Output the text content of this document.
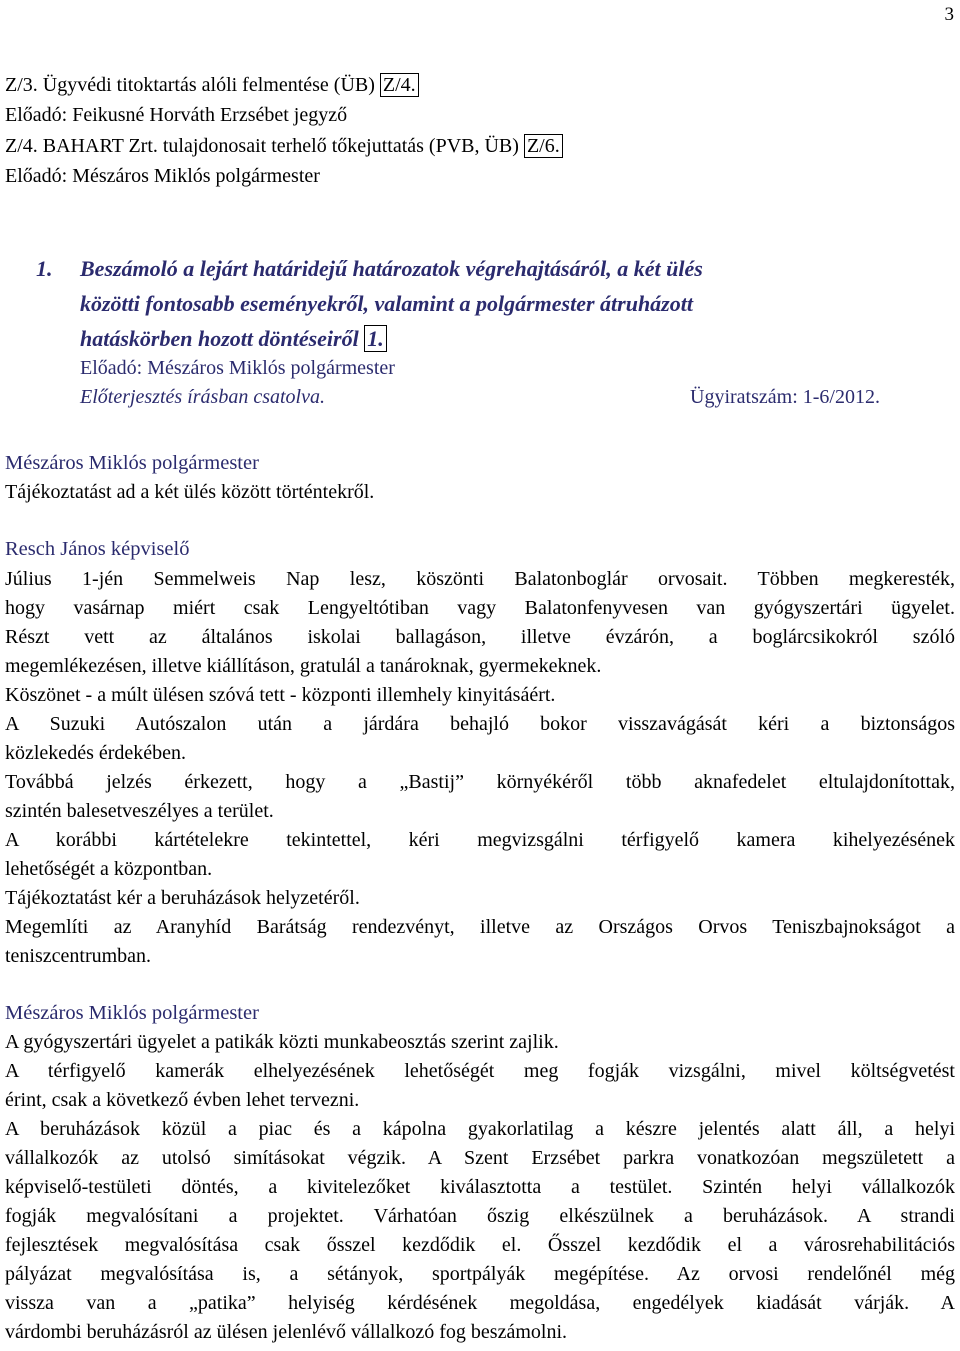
3
Z/3. Ügyvédi titoktartás alóli felmentése (ÜB) Z/4.
Előadó: Feikusné Horváth Erzsébet jegyző
Z/4. BAHART Zrt. tulajdonosait terhelő tőkejuttatás (PVB, ÜB) Z/6.
Előadó: Mészáros Miklós polgármester
1. Beszámoló a lejárt határidejű határozatok végrehajtásáról, a két ülés
közötti fontosabb eseményekről, valamint a polgármester átruházott
hatáskörben hozott döntéseiről 1.
Előadó: Mészáros Miklós polgármester
Előterjesztés írásban csatolva.	Ügyiratszám: 1-6/2012.
Mészáros Miklós polgármester
Tájékoztatást ad a két ülés között történtekről.
Resch János képviselő
Július 1-jén Semmelweis Nap lesz, köszönti Balatonboglár orvosait. Többen megkeresték,
hogy vasárnap miért csak Lengyeltótiban vagy Balatonfenyvesen van gyógyszertári ügyelet.
Részt vett az általános iskolai ballagáson, illetve évzárón, a boglárcsikokról szóló
megemlékezésen, illetve kiállításon, gratulál a tanároknak, gyermekeknek.
Köszönet - a múlt ülésen szóvá tett - központi illemhely kinyitásáért.
A Suzuki Autószalon után a járdára behajló bokor visszavágását kéri a biztonságos
közlekedés érdekében.
Továbbá jelzés érkezett, hogy a „Bastij” környékéről több aknafedelet eltulajdonítottak,
szintén balesetveszélyes a terület.
A korábbi kártételekre tekintettel, kéri megvizsgálni térfigyelő kamera kihelyezésének
lehetőségét a központban.
Tájékoztatást kér a beruházások helyzetéről.
Megemlíti az Aranyhíd Barátság rendezvényt, illetve az Országos Orvos Teniszbajnokságot a
teniszcentrumban.
Mészáros Miklós polgármester
A gyógyszertári ügyelet a patikák közti munkabeosztás szerint zajlik.
A térfigyelő kamerák elhelyezésének lehetőségét meg fogják vizsgálni, mivel költségvetést
érint, csak a következő évben lehet tervezni.
A beruházások közül a piac és a kápolna gyakorlatilag a készre jelentés alatt áll, a helyi
vállalkozók az utolsó simításokat végzik. A Szent Erzsébet parkra vonatkozóan megszületett a
képviselő-testületi döntés, a kivitelezőket kiválasztotta a testület. Szintén helyi vállalkozók
fogják megvalósítani a projektet. Várhatóan őszig elkészülnek a beruházások. A strandi
fejlesztések megvalósítása csak ősszel kezdődik el. Ősszel kezdődik el a városrehabilitációs
pályázat megvalósítása is, a sétányok, sportpályák megépítése. Az orvosi rendelőnél még
vissza van a „patika” helyiség kérdésének megoldása, engedélyek kiadását várják. A
várdombi beruházásról az ülésen jelenlévő vállalkozó fog beszámolni.
